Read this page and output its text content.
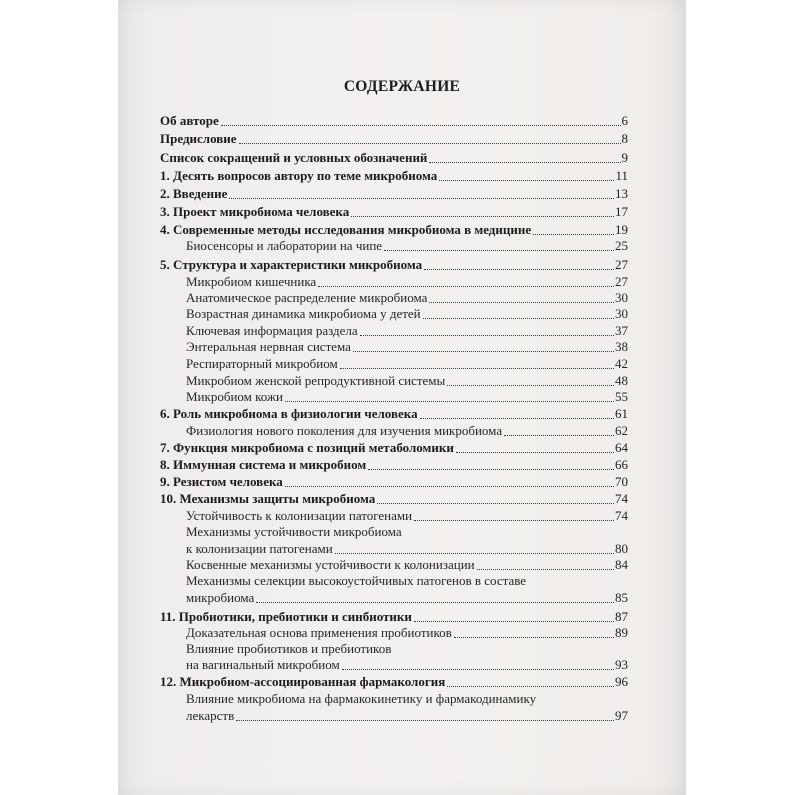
СОДЕРЖАНИЕ
Об авторе	6
Предисловие	8
Список сокращений и условных обозначений	9
1. Десять вопросов автору по теме микробиома	11
2. Введение	13
3. Проект микробиома человека	17
4. Современные методы исследования микробиома в медицине	19
Биосенсоры и лаборатории на чипе	25
5. Структура и характеристики микробиома	27
Микробиом кишечника	27
Анатомическое распределение микробиома	30
Возрастная динамика микробиома у детей	30
Ключевая информация раздела	37
Энтеральная нервная система	38
Респираторный микробиом	42
Микробиом женской репродуктивной системы	48
Микробиом кожи	55
6. Роль микробиома в физиологии человека	61
Физиология нового поколения для изучения микробиома	62
7. Функция микробиома с позиций метаболомики	64
8. Иммунная система и микробиом	66
9. Резистом человека	70
10. Механизмы защиты микробиома	74
Устойчивость к колонизации патогенами	74
Механизмы устойчивости микробиома
к колонизации патогенами	80
Косвенные механизмы устойчивости к колонизации	84
Механизмы селекции высокоустойчивых патогенов в составе
микробиома	85
11. Пробиотики, пребиотики и синбиотики	87
Доказательная основа применения пробиотиков	89
Влияние пробиотиков и пребиотиков
на вагинальный микробиом	93
12. Микробиом-ассоциированная фармакология	96
Влияние микробиома на фармакокинетику и фармакодинамику
лекарств	97
